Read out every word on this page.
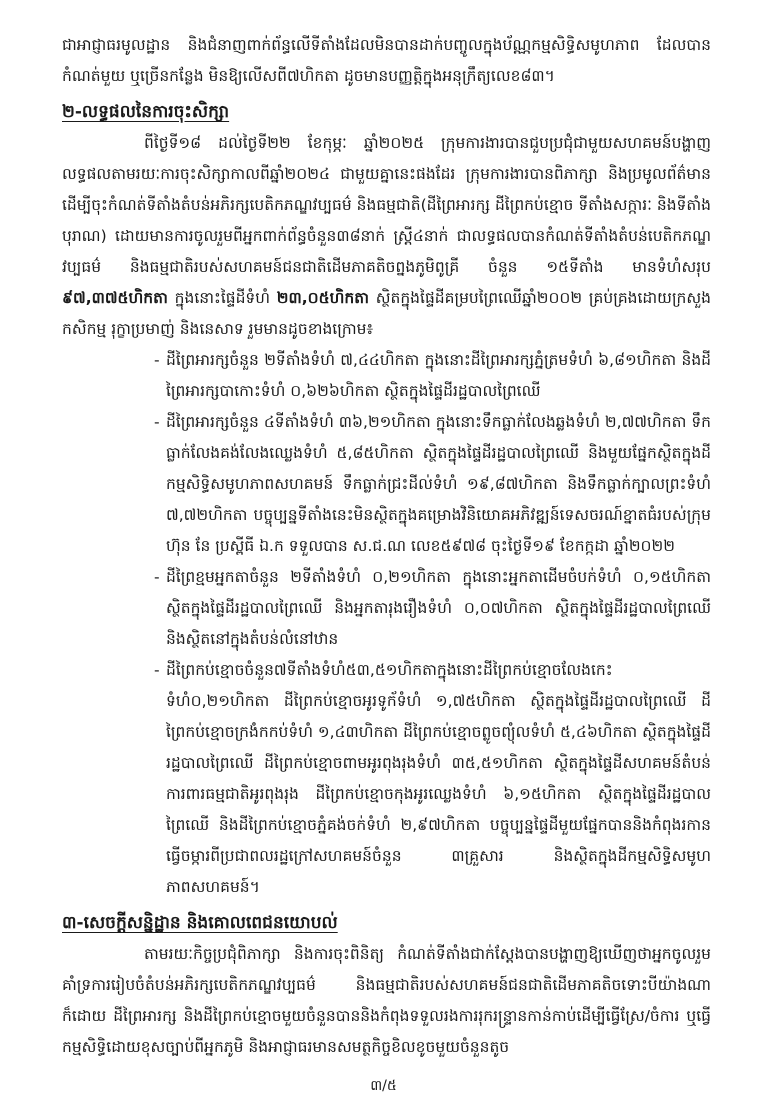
ជាអាជ្ញាធរមូលដ្ឋាន និងជំនាញពាក់ព័ន្ធលើទីតាំងដែលមិនបានដាក់បញ្ចូលក្នុងប័ណ្ណកម្មសិទ្ធិសមូហភាព ដែលបានកំណត់មួយ ឬច្រើនកន្លែង មិនឱ្យលើសពី៧ហិកតា ដូចមានបញ្ញត្តិក្នុងអនុក្រឹត្យលេខ៨៣។

២-លទ្ធផលនៃការចុះសិក្សា

ពីថ្ងៃទី១៨ ដល់ថ្ងៃទី២២ ខែកុម្ភៈ ឆ្នាំ២០២៥ ក្រុមការងារបានជួបប្រជុំជាមួយសហគមន៍បង្ហាញលទ្ធផលតាមរយៈការចុះសិក្សាកាលពីឆ្នាំ២០២៤ ជាមួយគ្នានេះផងដែរ ក្រុមការងារបានពិភាក្សា និងប្រមូលព័ត៌មានដើម្បីចុះកំណត់ទីតាំងតំបន់អភិរក្សបេតិកភណ្ឌវប្បធម៌ និងធម្មជាតិ(ដីព្រៃអារក្ស ដីព្រៃកប់ខ្មោច ទីតាំងសក្ការៈ និងទីតាំងបុរាណ) ដោយមានការចូលរួមពីអ្នកពាក់ព័ន្ធចំនួន៣៨នាក់ ស្ត្រី៤នាក់ ជាលទ្ធផលបានកំណត់ទីតាំងតំបន់បេតិកភណ្ឌវប្បធម៌ និងធម្មជាតិរបស់សហគមន៍ជនជាតិដើមភាគតិចព្នងភូមិពូគ្រី ចំនួន ១៥ទីតាំង មានទំហំសរុប ៩៧,៣៧៥ហិកតា ក្នុងនោះផ្ទៃដីទំហំ ២៣,០៥ហិកតា ស្ថិតក្នុងផ្ទៃដីគម្របព្រៃឈើឆ្នាំ២០០២ គ្រប់គ្រងដោយក្រសួងកសិកម្ម រុក្ខាប្រមាញ់ និងនេសាទ រួមមានដូចខាងក្រោម៖

- ដីព្រៃអារក្សចំនួន ២ទីតាំងទំហំ ៧,៤៤ហិកតា ក្នុងនោះដីព្រៃអារក្សភ្នំត្រមទំហំ ៦,៨១ហិកតា និងដីព្រៃអារក្សបាកោះទំហំ ០,៦២៦ហិកតា ស្ថិតក្នុងផ្ទៃដីរដ្ឋបាលព្រៃឈើ
- ដីព្រៃអារក្សចំនួន ៤ទីតាំងទំហំ ៣៦,២១ហិកតា ក្នុងនោះទឹកធ្លាក់លែងឆ្លងទំហំ ២,៧៧ហិកតា ទឹកធ្លាក់លែងគង់លែងឈ្លេងទំហំ ៥,៨៥ហិកតា ស្ថិតក្នុងផ្ទៃដីរដ្ឋបាលព្រៃឈើ និងមួយផ្នែកស្ថិតក្នុងដីកម្មសិទ្ធិសមូហភាពសហគមន៍ ទឹកធ្លាក់ជ្រះដីល់ទំហំ ១៩,៨៧ហិកតា និងទឹកធ្លាក់ក្បាលព្រះទំហំ ៧,៧២ហិកតា បច្ចុប្បន្នទីតាំងនេះមិនស្ថិតក្នុងគម្រោងវិនិយោគអភិវឌ្ឍន៍ទេសចរណ៍ខ្នាតធំរបស់ក្រុមហ៊ុន នែ ប្រស្ពីធី ឯ.ក ទទួលបាន ស.ជ.ណ លេខ៥៩៧៨ ចុះថ្ងៃទី១៩ ខែកក្កដា ឆ្នាំ២០២២
- ដីព្រៃខ្មមអ្នកតាចំនួន ២ទីតាំងទំហំ ០,២១ហិកតា ក្នុងនោះអ្នកតាដើមចំបក់ទំហំ ០,១៥ហិកតា ស្ថិតក្នុងផ្ទៃដីរដ្ឋបាលព្រៃឈើ និងអ្នកតារុងរឿងទំហំ ០,០៧ហិកតា ស្ថិតក្នុងផ្ទៃដីរដ្ឋបាលព្រៃឈើ និងស្ថិតនៅក្នុងតំបន់លំនៅឋាន
- ដីព្រៃកប់ខ្មោចចំនួន៧ទីតាំងទំហំ៥៣,៥១ហិកតាក្នុងនោះដីព្រៃកប់ខ្មោចលែងកេះទំហំ០,២១ហិកតា ដីព្រៃកប់ខ្មោចអូរទូក័ទំហំ ១,៧៥ហិកតា ស្ថិតក្នុងផ្ទៃដីរដ្ឋបាលព្រៃឈើ ដីព្រៃកប់ខ្មោចក្រងំកកប់ទំហំ ១,៤៣ហិកតា ដីព្រៃកប់ខ្មោចព្លូចព្យុំលទំហំ ៥,៤៦ហិកតា ស្ថិតក្នុងផ្ទៃដីរដ្ឋបាលព្រៃឈើ ដីព្រៃកប់ខ្មោចពាមអូរពុងរុងទំហំ ៣៥,៥១ហិកតា ស្ថិតក្នុងផ្ទៃដីសហគមន៍តំបន់ការពារធម្មជាតិអូរពុងរុង ដីព្រៃកប់ខ្មោចកុងអូរឈ្លេងទំហំ ៦,១៥ហិកតា ស្ថិតក្នុងផ្ទៃដីរដ្ឋបាលព្រៃឈើ និងដីព្រៃកប់ខ្មោចភ្នំគង់ចក់ទំហំ ២,៩៧ហិកតា បច្ចុប្បន្នផ្ទៃដីមួយផ្នែកបាននិងកំពុងរកានធ្វើចម្ការពីប្រជាពលរដ្ឋក្រៅសហគមន៍ចំនួន ៣គ្រួសារ និងស្ថិតក្នុងដីកម្មសិទ្ធិសមូហភាពសហគមន៍។
៣-សេចក្តីសន្និដ្ឋាន និងគោលពេជនយោបល់

តាមរយៈកិច្ចប្រជុំពិភាក្សា និងការចុះពិនិត្យ កំណត់ទីតាំងជាក់ស្តែងបានបង្ហាញឱ្យឃើញថាអ្នកចូលរួមគាំទ្រការរៀបចំតំបន់អភិរក្សបេតិកភណ្ឌវប្បធម៌ និងធម្មជាតិរបស់សហគមន៍ជនជាតិដើមភាគតិចទោះបីយ៉ាងណាក៏ដោយ ដីព្រៃអារក្ស និងដីព្រៃកប់ខ្មោចមួយចំនួនបាននិងកំពុងទទួលរងការរុករន្ទ្រានកាន់កាប់ដើម្បីធ្វើស្រែ/ចំការ ឬធ្វើកម្មសិទ្ធិដោយខុសច្បាប់ពីអ្នកភូមិ និងអាជ្ញាធរមានសមត្ថកិច្ចខិលខូចមួយចំនួនតូច

៣/៥
